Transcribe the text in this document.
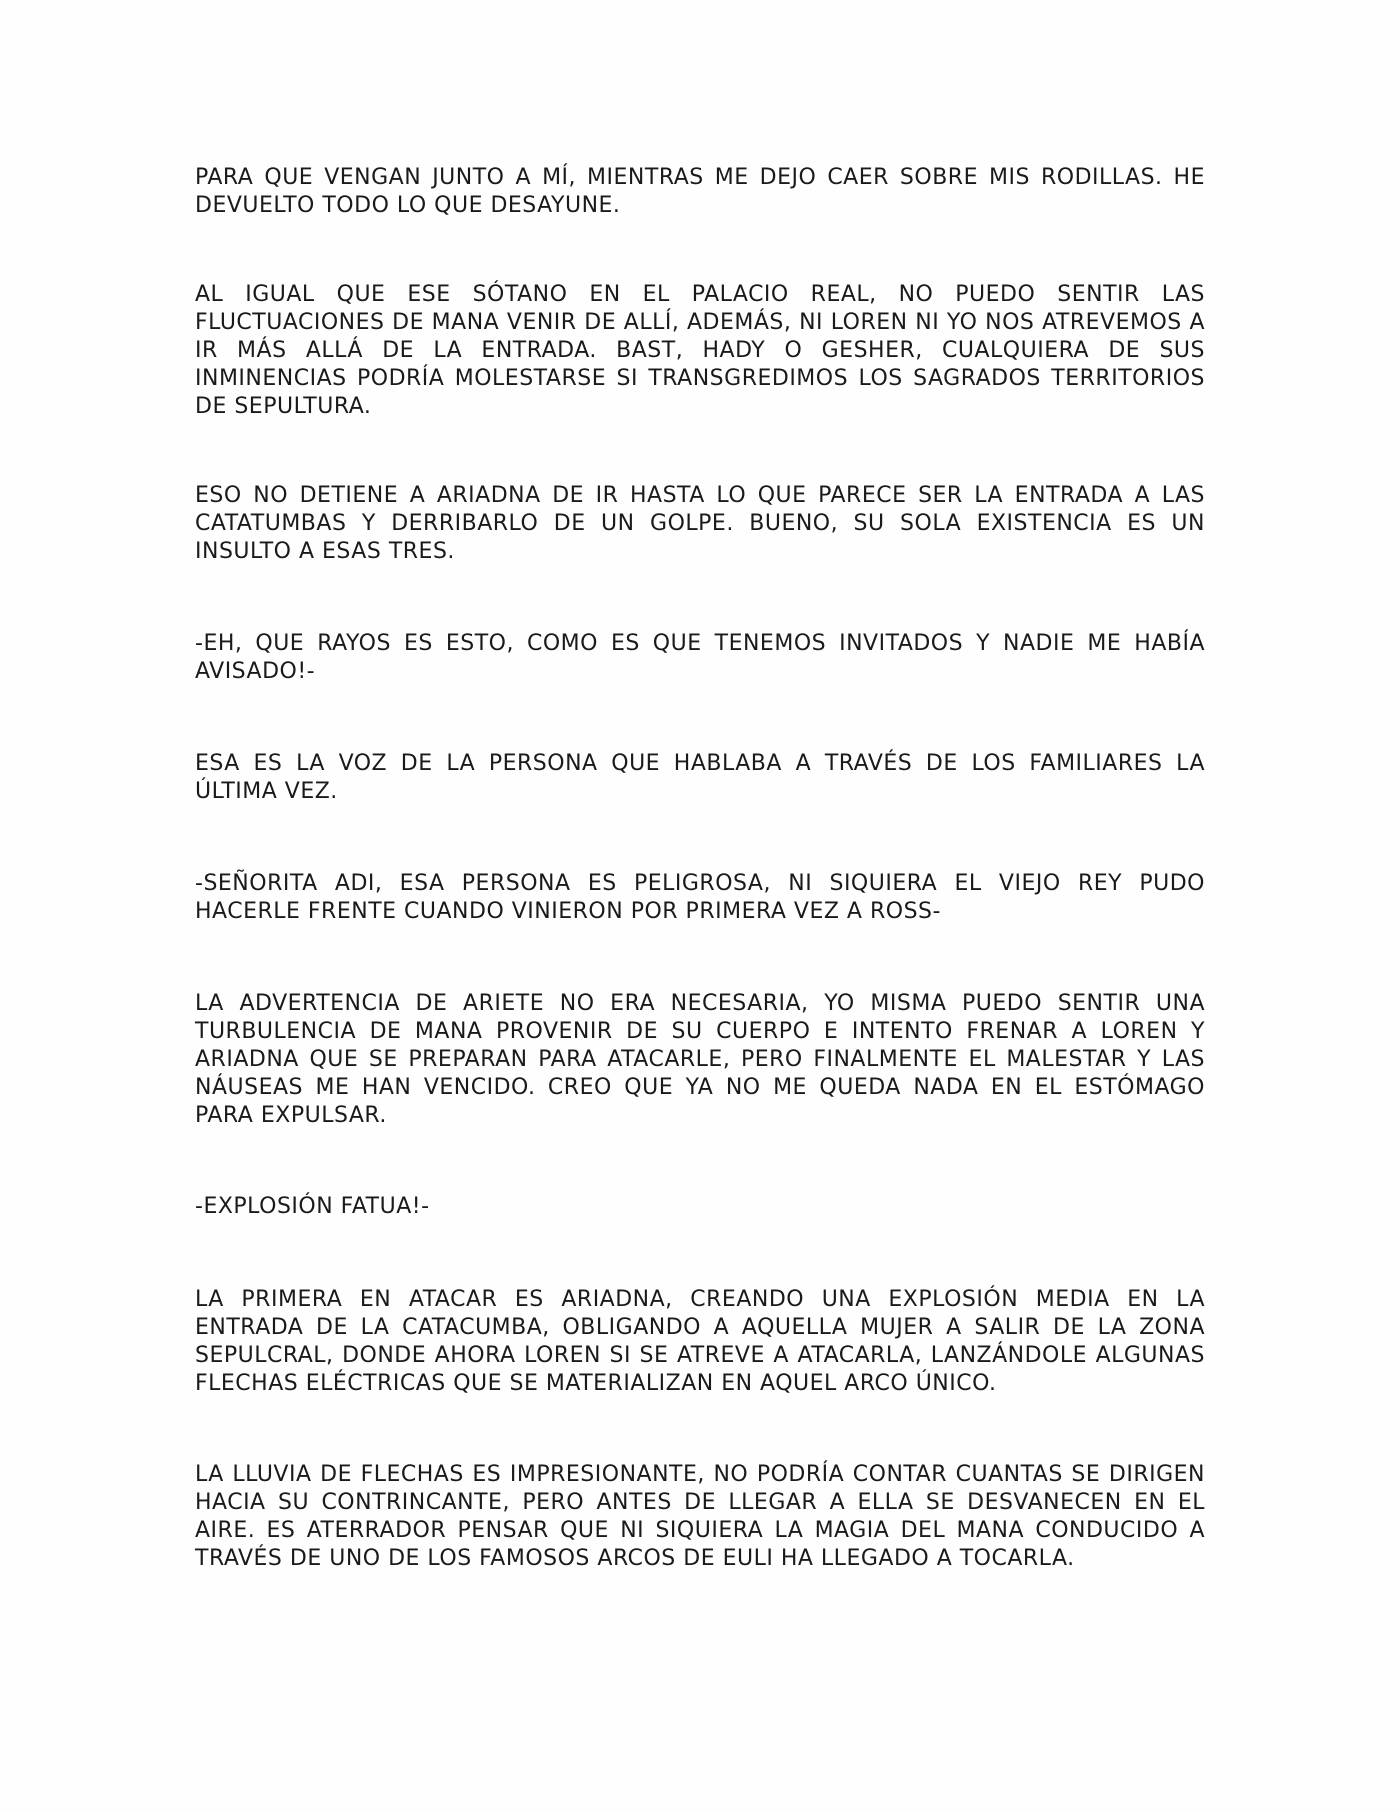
PARA QUE VENGAN JUNTO A MÍ, MIENTRAS ME DEJO CAER SOBRE MIS RODILLAS. HE DEVUELTO TODO LO QUE DESAYUNE.

AL IGUAL QUE ESE SÓTANO EN EL PALACIO REAL, NO PUEDO SENTIR LAS FLUCTUACIONES DE MANA VENIR DE ALLÍ, ADEMÁS, NI LOREN NI YO NOS ATREVEMOS A IR MÁS ALLÁ DE LA ENTRADA. BAST, HADY O GESHER, CUALQUIERA DE SUS INMINENCIAS PODRÍA MOLESTARSE SI TRANSGREDIMOS LOS SAGRADOS TERRITORIOS DE SEPULTURA.

ESO NO DETIENE A ARIADNA DE IR HASTA LO QUE PARECE SER LA ENTRADA A LAS CATATUMBAS Y DERRIBARLO DE UN GOLPE. BUENO, SU SOLA EXISTENCIA ES UN INSULTO A ESAS TRES.

-EH, QUE RAYOS ES ESTO, COMO ES QUE TENEMOS INVITADOS Y NADIE ME HABÍA AVISADO!-

ESA ES LA VOZ DE LA PERSONA QUE HABLABA A TRAVÉS DE LOS FAMILIARES LA ÚLTIMA VEZ.

-SEÑORITA ADI, ESA PERSONA ES PELIGROSA, NI SIQUIERA EL VIEJO REY PUDO HACERLE FRENTE CUANDO VINIERON POR PRIMERA VEZ A ROSS-

LA ADVERTENCIA DE ARIETE NO ERA NECESARIA, YO MISMA PUEDO SENTIR UNA TURBULENCIA DE MANA PROVENIR DE SU CUERPO E INTENTO FRENAR A LOREN Y ARIADNA QUE SE PREPARAN PARA ATACARLE, PERO FINALMENTE EL MALESTAR Y LAS NÁUSEAS ME HAN VENCIDO. CREO QUE YA NO ME QUEDA NADA EN EL ESTÓMAGO PARA EXPULSAR.

-EXPLOSIÓN FATUA!-

LA PRIMERA EN ATACAR ES ARIADNA, CREANDO UNA EXPLOSIÓN MEDIA EN LA ENTRADA DE LA CATACUMBA, OBLIGANDO A AQUELLA MUJER A SALIR DE LA ZONA SEPULCRAL, DONDE AHORA LOREN SI SE ATREVE A ATACARLA, LANZÁNDOLE ALGUNAS FLECHAS ELÉCTRICAS QUE SE MATERIALIZAN EN AQUEL ARCO ÚNICO.

LA LLUVIA DE FLECHAS ES IMPRESIONANTE, NO PODRÍA CONTAR CUANTAS SE DIRIGEN HACIA SU CONTRINCANTE, PERO ANTES DE LLEGAR A ELLA SE DESVANECEN EN EL AIRE. ES ATERRADOR PENSAR QUE NI SIQUIERA LA MAGIA DEL MANA CONDUCIDO A TRAVÉS DE UNO DE LOS FAMOSOS ARCOS DE EULI HA LLEGADO A TOCARLA.
